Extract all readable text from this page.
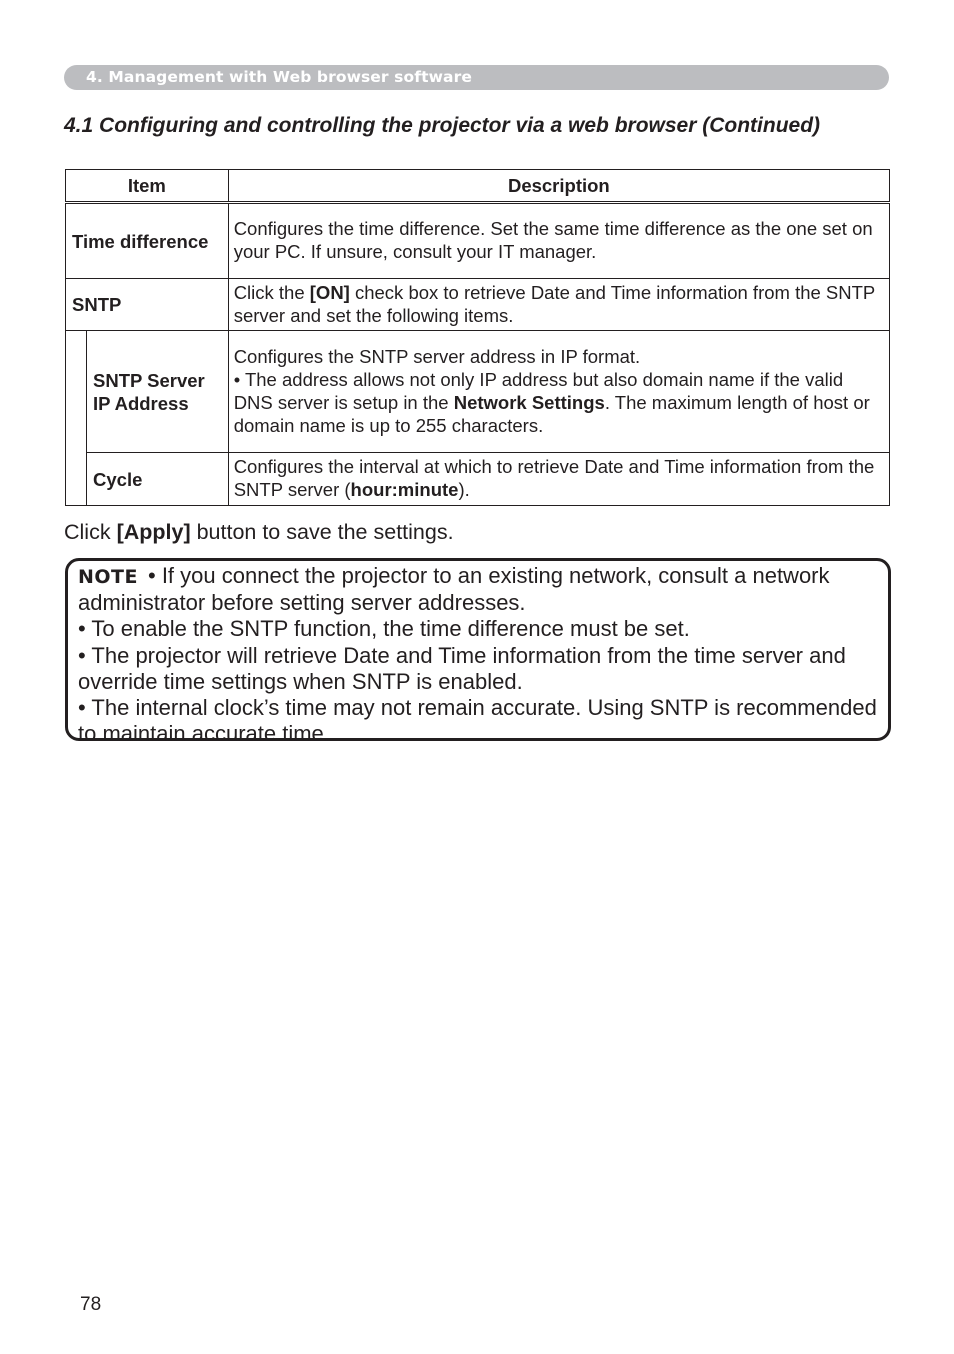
4. Management with Web browser software
4.1 Configuring and controlling the projector via a web browser (Continued)
Item		Description
Time difference		Configures the time difference. Set the same time difference as the one set on your PC. If unsure, consult your IT manager.
SNTP		Click the [ON] check box to retrieve Date and Time information from the SNTP server and set the following items.
	SNTP Server IP Address	Configures the SNTP server address in IP format.
• The address allows not only IP address but also domain name if the valid DNS server is setup in the Network Settings. The maximum length of host or domain name is up to 255 characters.
	Cycle	Configures the interval at which to retrieve Date and Time information from the SNTP server (hour:minute).
Click [Apply] button to save the settings.

NOTE • If you connect the projector to an existing network, consult a network administrator before setting server addresses.

• To enable the SNTP function, the time difference must be set.

• The projector will retrieve Date and Time information from the time server and override time settings when SNTP is enabled.

• The internal clock’s time may not remain accurate. Using SNTP is recommended to maintain accurate time.

78
